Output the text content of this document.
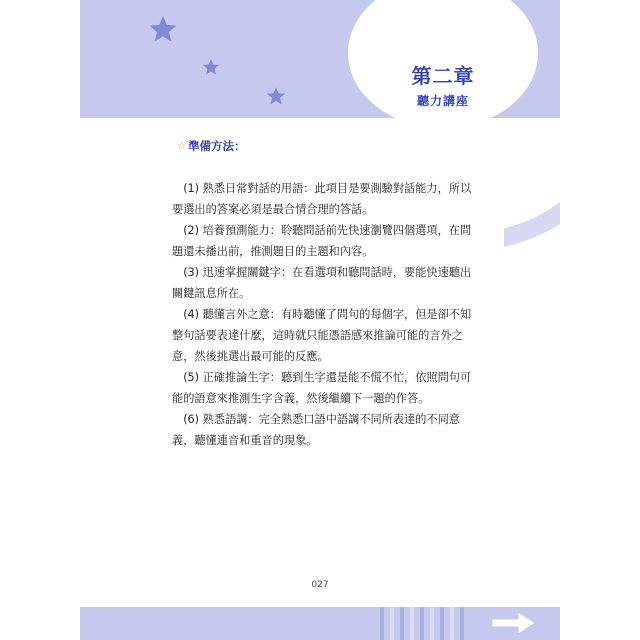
第二章
聽力講座
☆ 準備方法：

(1) 熟悉日常對話的用語：此項目是要測驗對話能力，所以要選出的答案必須是最合情合理的答話。

(2) 培養預測能力：聆聽問話前先快速瀏覽四個選項，在問題還未播出前，推測題目的主題和內容。

(3) 迅速掌握關鍵字：在看選項和聽問話時，要能快速聽出關鍵訊息所在。

(4) 聽懂言外之意：有時聽懂了問句的每個字，但是卻不知整句話要表達什麼，這時就只能憑語感來推論可能的言外之意，然後挑選出最可能的反應。

(5) 正確推論生字：聽到生字還是能不慌不忙，依照問句可能的語意來推測生字含義，然後繼續下一題的作答。

(6) 熟悉語調：完全熟悉口語中語調不同所表達的不同意義，聽懂連音和重音的現象。

027
